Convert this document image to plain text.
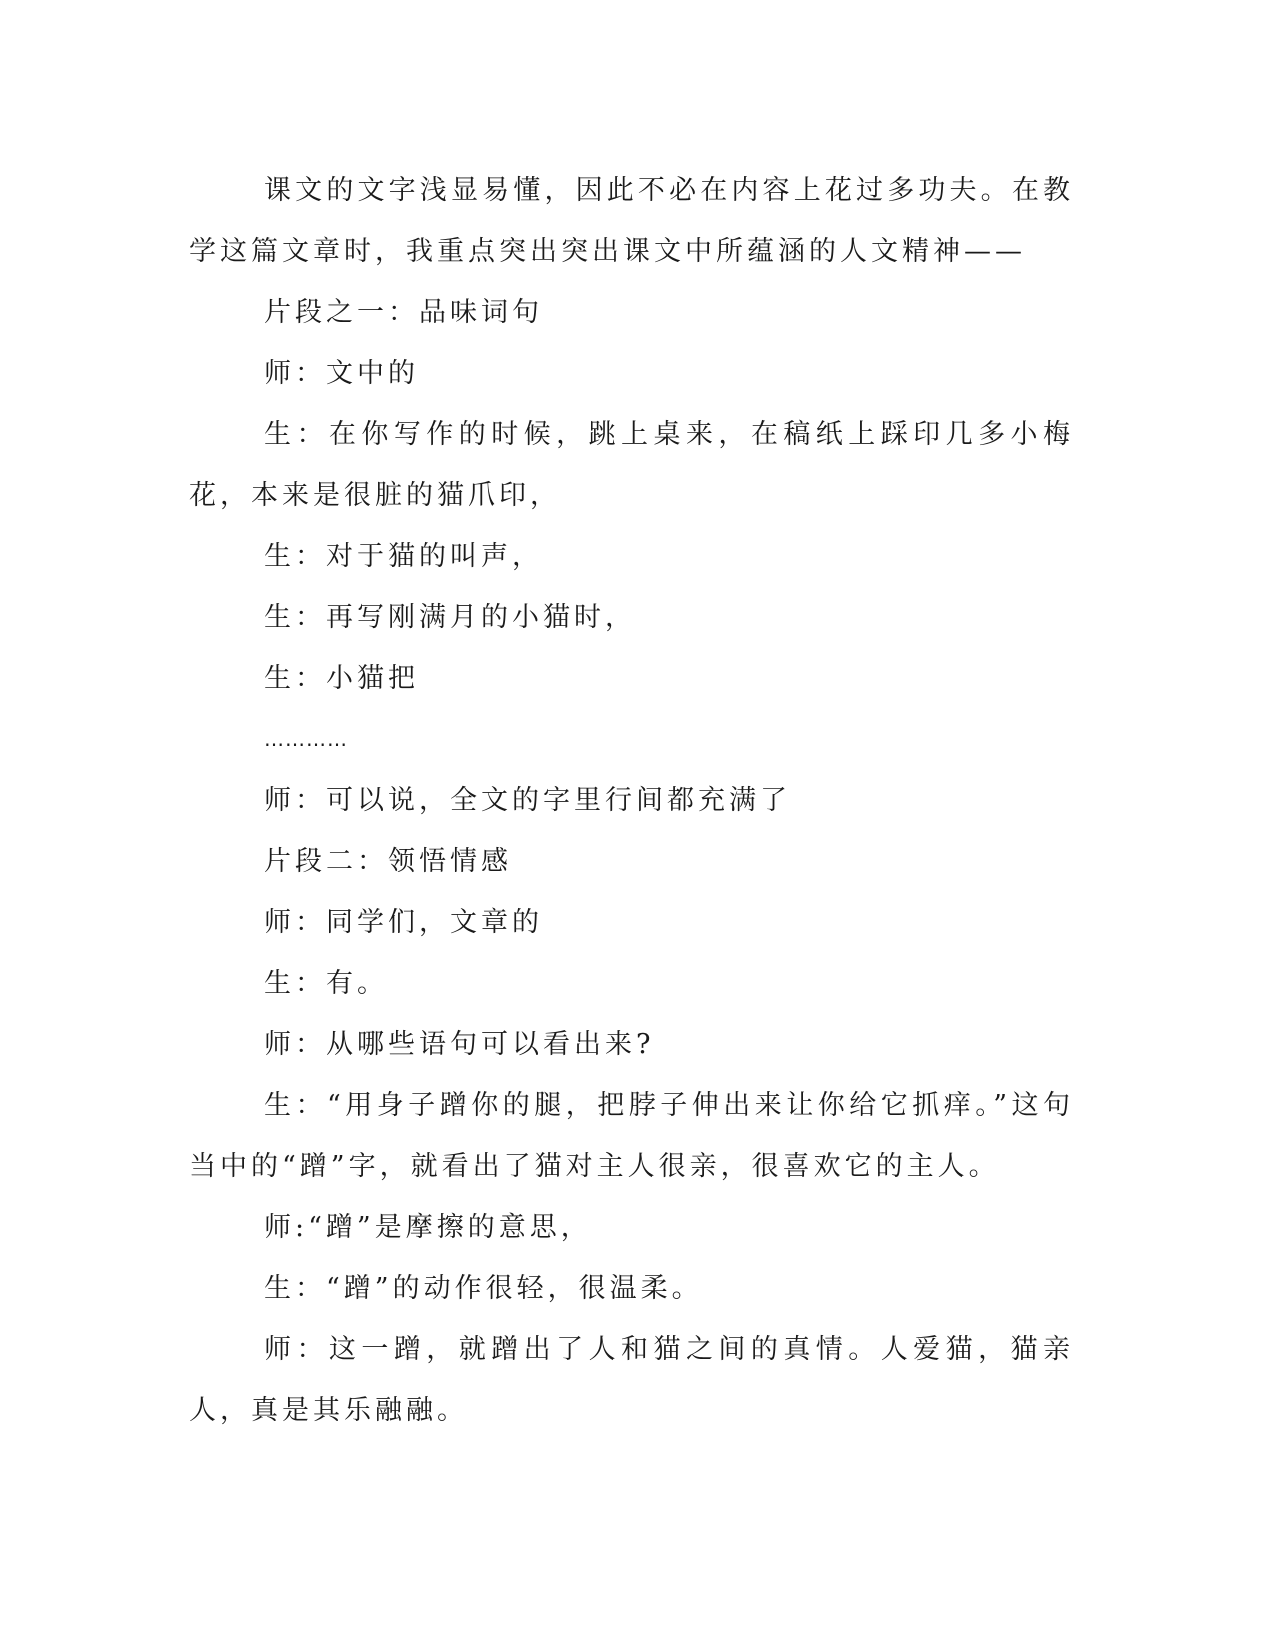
课文的文字浅显易懂，因此不必在内容上花过多功夫。在教学这篇文章时，我重点突出突出课文中所蕴涵的人文精神——

片段之一：品味词句

师：文中的

生：在你写作的时候，跳上桌来，在稿纸上踩印几多小梅花，本来是很脏的猫爪印，

生：对于猫的叫声，

生：再写刚满月的小猫时，

生：小猫把

…………

师：可以说，全文的字里行间都充满了

片段二：领悟情感

师：同学们，文章的

生：有。

师：从哪些语句可以看出来?

生：“用身子蹭你的腿，把脖子伸出来让你给它抓痒。”这句当中的“蹭”字，就看出了猫对主人很亲，很喜欢它的主人。

师:“蹭”是摩擦的意思，

生：“蹭”的动作很轻，很温柔。

师：这一蹭，就蹭出了人和猫之间的真情。人爱猫，猫亲人，真是其乐融融。
